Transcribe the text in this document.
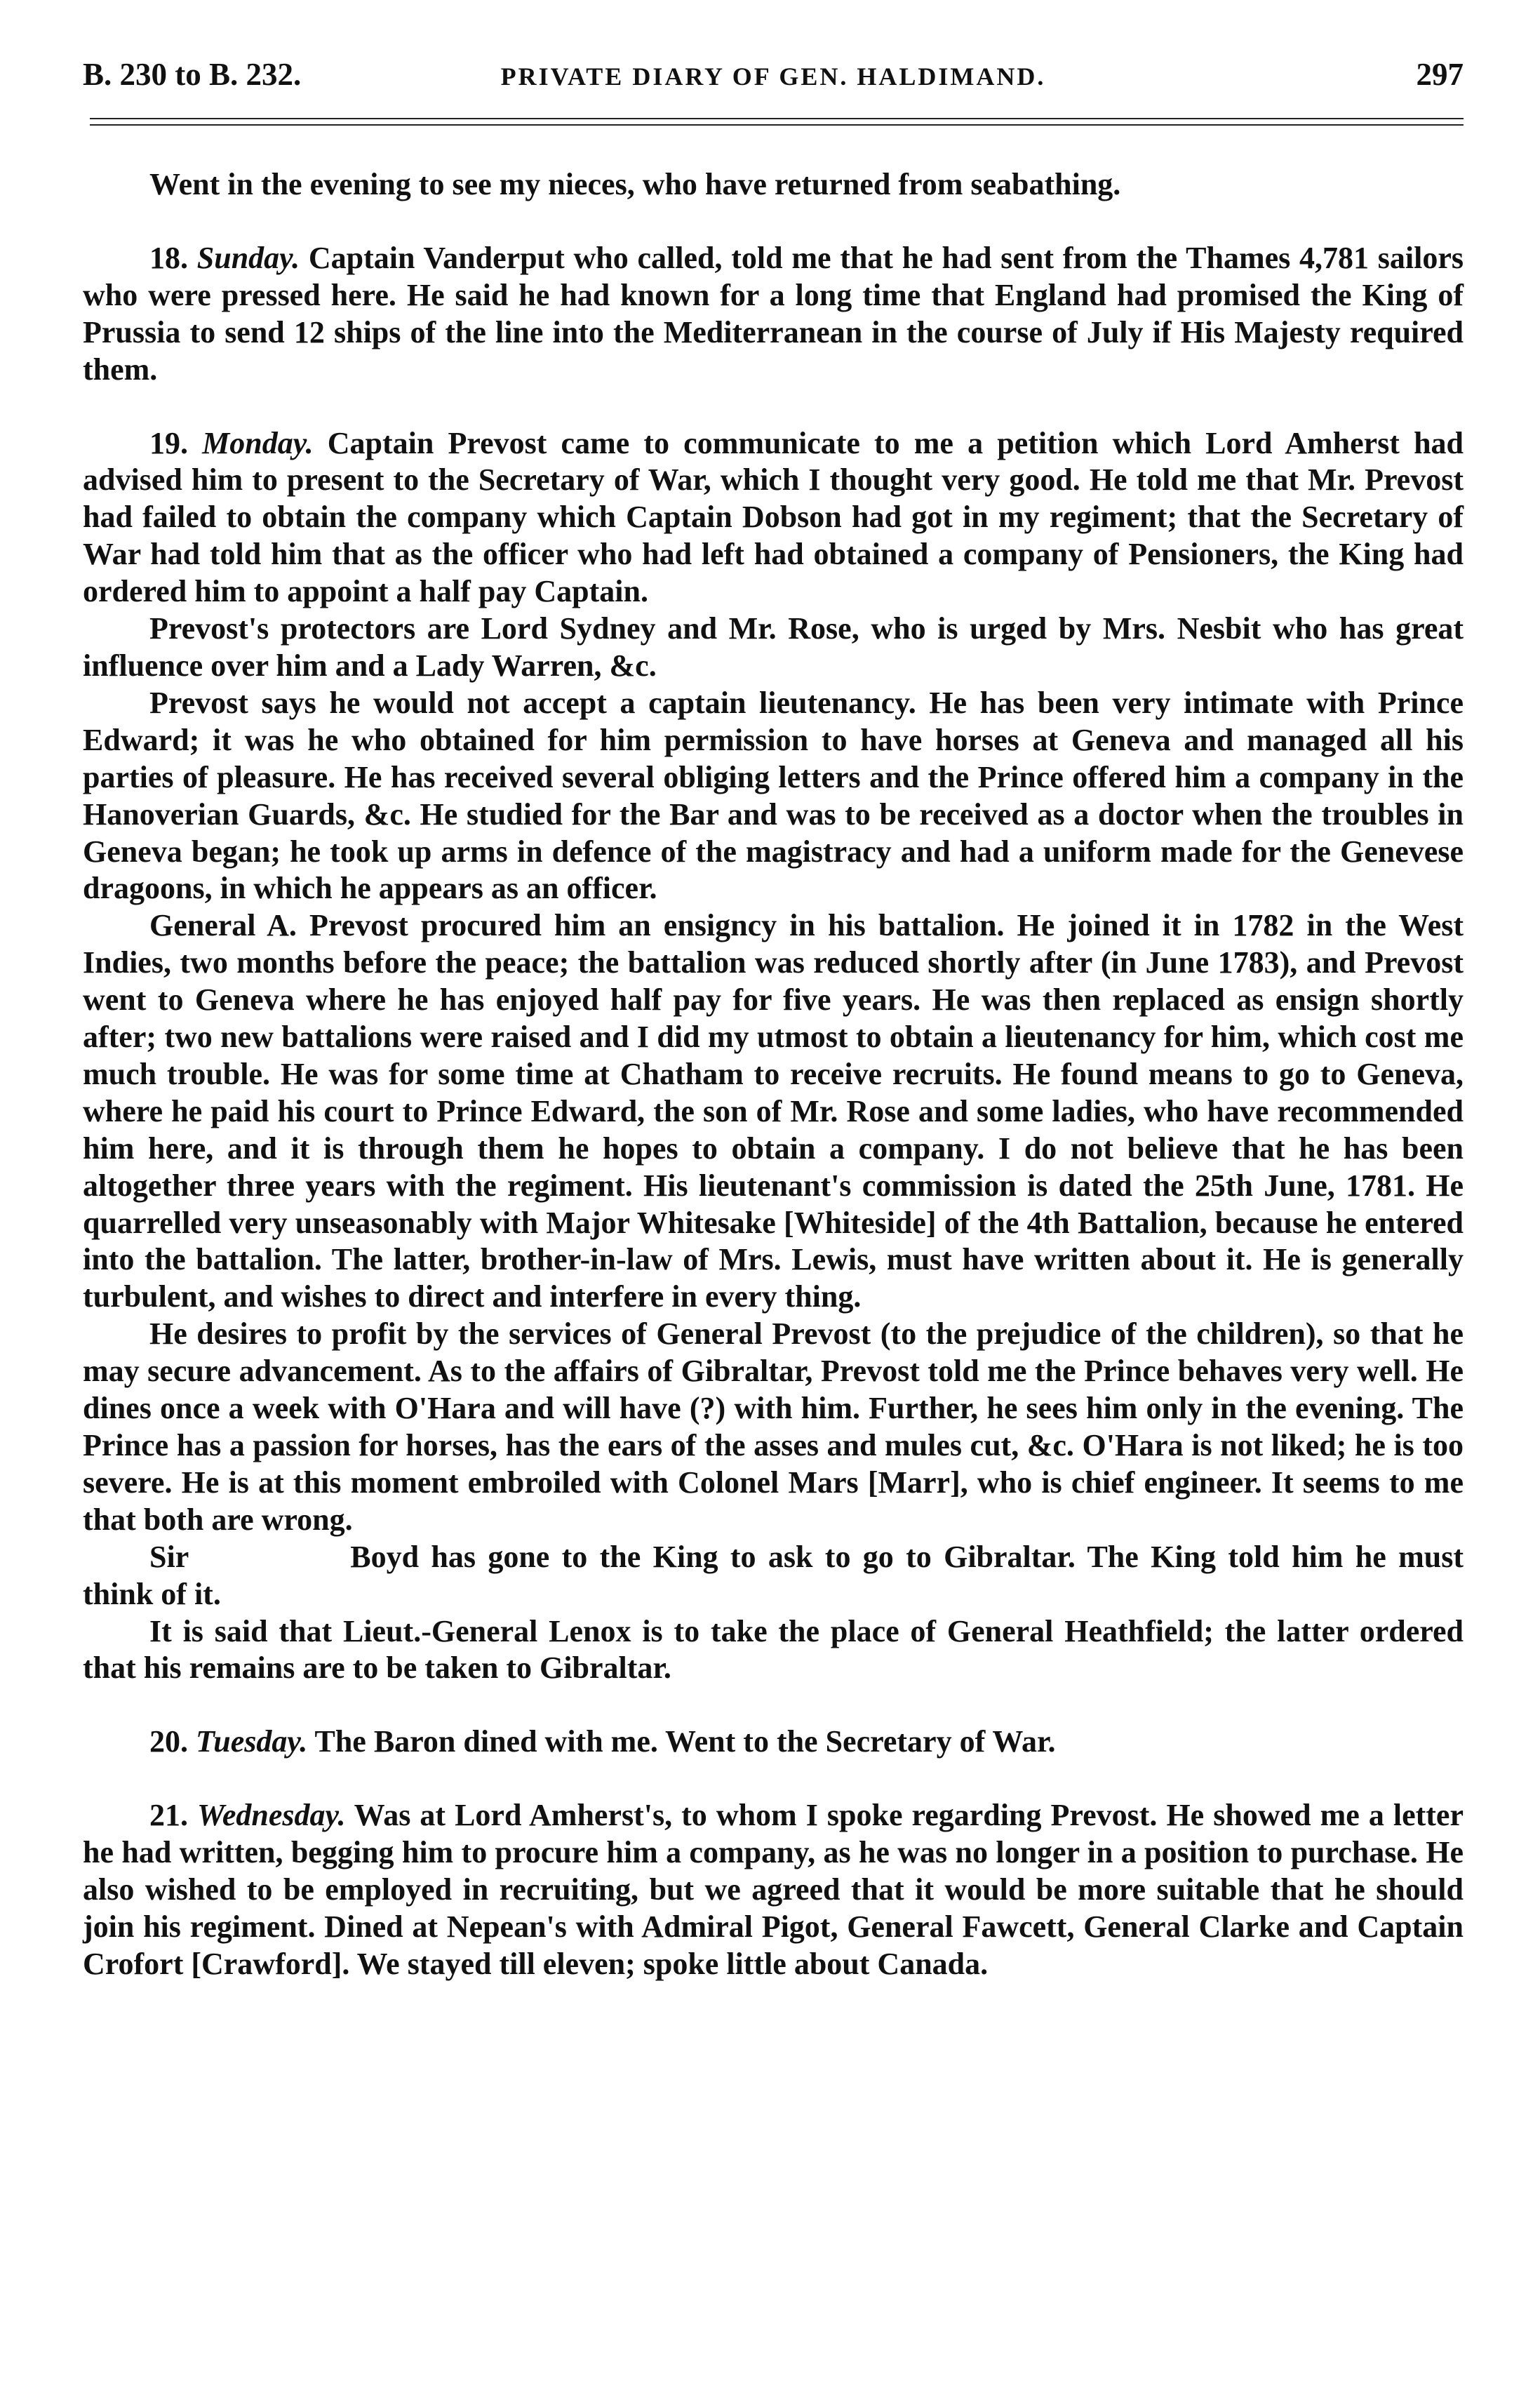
B. 230 to B. 232.	PRIVATE DIARY OF GEN. HALDIMAND.	297

Went in the evening to see my nieces, who have returned from seabathing.

18. Sunday. Captain Vanderput who called, told me that he had sent from the Thames 4,781 sailors who were pressed here. He said he had known for a long time that England had promised the King of Prussia to send 12 ships of the line into the Mediterranean in the course of July if His Majesty required them.

19. Monday. Captain Prevost came to communicate to me a petition which Lord Amherst had advised him to present to the Secretary of War, which I thought very good. He told me that Mr. Prevost had failed to obtain the company which Captain Dobson had got in my regiment; that the Secretary of War had told him that as the officer who had left had obtained a company of Pensioners, the King had ordered him to appoint a half pay Captain.

Prevost's protectors are Lord Sydney and Mr. Rose, who is urged by Mrs. Nesbit who has great influence over him and a Lady Warren, &c.

Prevost says he would not accept a captain lieutenancy. He has been very intimate with Prince Edward; it was he who obtained for him permission to have horses at Geneva and managed all his parties of pleasure. He has received several obliging letters and the Prince offered him a company in the Hanoverian Guards, &c. He studied for the Bar and was to be received as a doctor when the troubles in Geneva began; he took up arms in defence of the magistracy and had a uniform made for the Genevese dragoons, in which he appears as an officer.

General A. Prevost procured him an ensigncy in his battalion. He joined it in 1782 in the West Indies, two months before the peace; the battalion was reduced shortly after (in June 1783), and Prevost went to Geneva where he has enjoyed half pay for five years. He was then replaced as ensign shortly after; two new battalions were raised and I did my utmost to obtain a lieutenancy for him, which cost me much trouble. He was for some time at Chatham to receive recruits. He found means to go to Geneva, where he paid his court to Prince Edward, the son of Mr. Rose and some ladies, who have recommended him here, and it is through them he hopes to obtain a company. I do not believe that he has been altogether three years with the regiment. His lieutenant's commission is dated the 25th June, 1781. He quarrelled very unseasonably with Major Whitesake [Whiteside] of the 4th Battalion, because he entered into the battalion. The latter, brother-in-law of Mrs. Lewis, must have written about it. He is generally turbulent, and wishes to direct and interfere in every thing.

He desires to profit by the services of General Prevost (to the prejudice of the children), so that he may secure advancement. As to the affairs of Gibraltar, Prevost told me the Prince behaves very well. He dines once a week with O'Hara and will have (?) with him. Further, he sees him only in the evening. The Prince has a passion for horses, has the ears of the asses and mules cut, &c. O'Hara is not liked; he is too severe. He is at this moment embroiled with Colonel Mars [Marr], who is chief engineer. It seems to me that both are wrong.

Sir	Boyd has gone to the King to ask to go to Gibraltar. The King told him he must think of it.

It is said that Lieut.-General Lenox is to take the place of General Heathfield; the latter ordered that his remains are to be taken to Gibraltar.

20. Tuesday. The Baron dined with me. Went to the Secretary of War.

21. Wednesday. Was at Lord Amherst's, to whom I spoke regarding Prevost. He showed me a letter he had written, begging him to procure him a company, as he was no longer in a position to purchase. He also wished to be employed in recruiting, but we agreed that it would be more suitable that he should join his regiment. Dined at Nepean's with Admiral Pigot, General Fawcett, General Clarke and Captain Crofort [Crawford]. We stayed till eleven; spoke little about Canada.
